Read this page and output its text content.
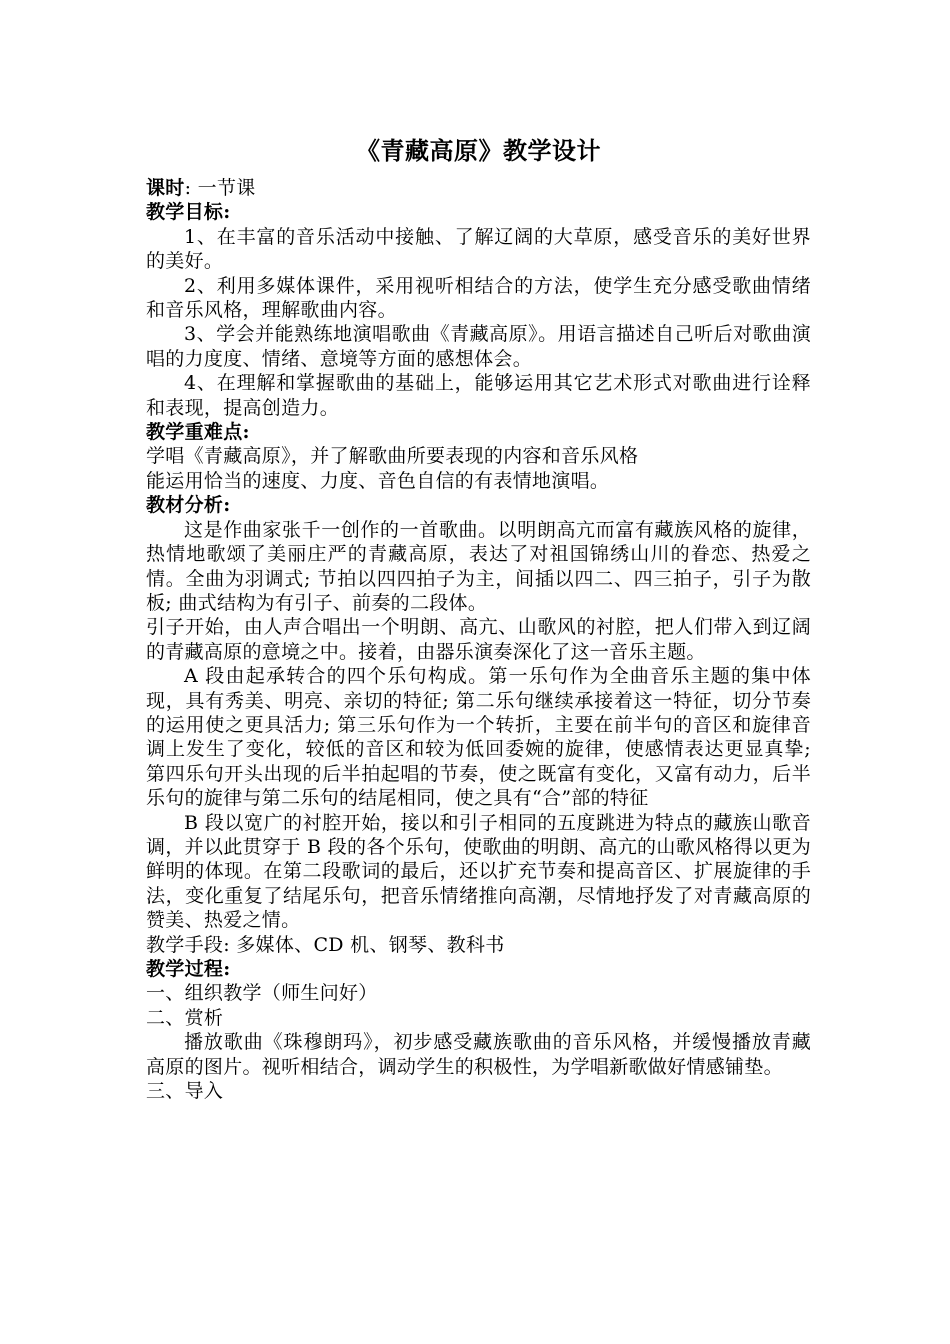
《青藏高原》教学设计

课时: 一节课

教学目标:

1、在丰富的音乐活动中接触、了解辽阔的大草原，感受音乐的美好世界的美好。

2、利用多媒体课件，采用视听相结合的方法，使学生充分感受歌曲情绪和音乐风格，理解歌曲内容。

3、学会并能熟练地演唱歌曲《青藏高原》。用语言描述自己听后对歌曲演唱的力度度、情绪、意境等方面的感想体会。

4、在理解和掌握歌曲的基础上，能够运用其它艺术形式对歌曲进行诠释和表现，提高创造力。

教学重难点:

学唱《青藏高原》，并了解歌曲所要表现的内容和音乐风格

能运用恰当的速度、力度、音色自信的有表情地演唱。

教材分析:

这是作曲家张千一创作的一首歌曲。以明朗高亢而富有藏族风格的旋律，热情地歌颂了美丽庄严的青藏高原，表达了对祖国锦绣山川的眷恋、热爱之情。全曲为羽调式; 节拍以四四拍子为主，间插以四二、四三拍子，引子为散板; 曲式结构为有引子、前奏的二段体。

引子开始，由人声合唱出一个明朗、高亢、山歌风的衬腔，把人们带入到辽阔的青藏高原的意境之中。接着，由器乐演奏深化了这一音乐主题。

A 段由起承转合的四个乐句构成。第一乐句作为全曲音乐主题的集中体现，具有秀美、明亮、亲切的特征; 第二乐句继续承接着这一特征，切分节奏的运用使之更具活力; 第三乐句作为一个转折，主要在前半句的音区和旋律音调上发生了变化，较低的音区和较为低回委婉的旋律，使感情表达更显真挚; 第四乐句开头出现的后半拍起唱的节奏，使之既富有变化，又富有动力，后半乐句的旋律与第二乐句的结尾相同，使之具有“合”部的特征

B 段以宽广的衬腔开始，接以和引子相同的五度跳进为特点的藏族山歌音调，并以此贯穿于 B 段的各个乐句，使歌曲的明朗、高亢的山歌风格得以更为鲜明的体现。在第二段歌词的最后，还以扩充节奏和提高音区、扩展旋律的手法，变化重复了结尾乐句，把音乐情绪推向高潮，尽情地抒发了对青藏高原的赞美、热爱之情。

教学手段: 多媒体、CD 机、钢琴、教科书

教学过程:

一、组织教学（师生问好）

二、赏析

播放歌曲《珠穆朗玛》，初步感受藏族歌曲的音乐风格，并缓慢播放青藏高原的图片。视听相结合，调动学生的积极性，为学唱新歌做好情感铺垫。

三、导入
